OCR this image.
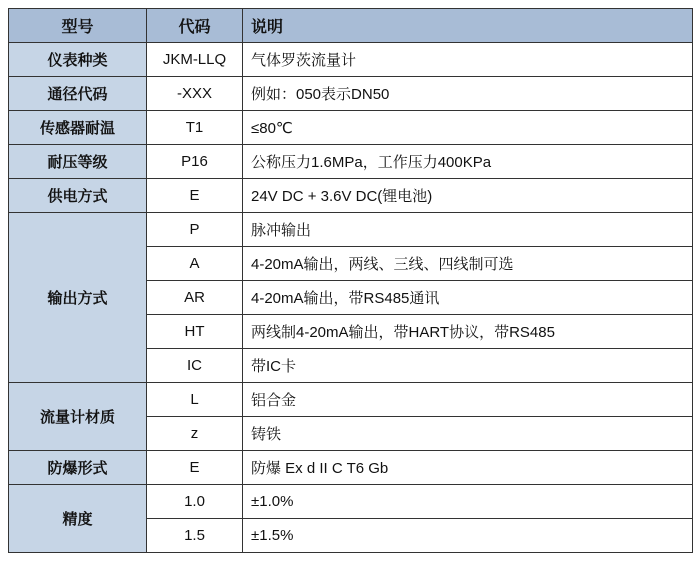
型号	代码	说明
仪表种类	JKM-LLQ	气体罗茨流量计
通径代码	-XXX	例如：050表示DN50
传感器耐温	T1	≤80℃
耐压等级	P16	公称压力1.6MPa，工作压力400KPa
供电方式	E	24V DC + 3.6V DC(锂电池)
输出方式	P	脉冲输出
	A	4-20mA输出，两线、三线、四线制可选
	AR	4-20mA输出，带RS485通讯
	HT	两线制4-20mA输出，带HART协议，带RS485
	IC	带IC卡
流量计材质	L	铝合金
	z	铸铁
防爆形式	E	防爆 Ex d II C T6 Gb
精度	1.0	±1.0%
	1.5	±1.5%
